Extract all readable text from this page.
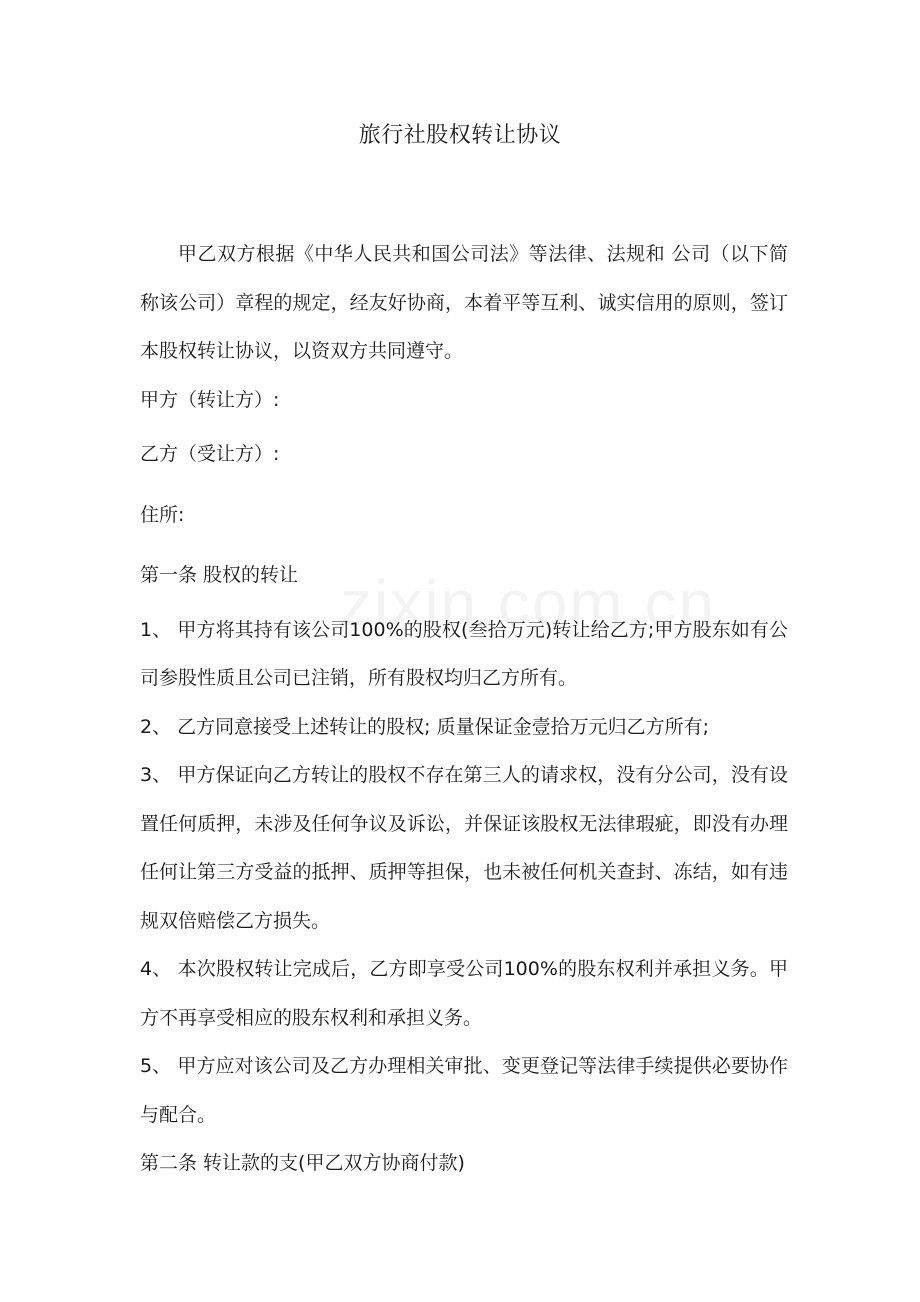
旅行社股权转让协议

甲乙双方根据《中华人民共和国公司法》等法律、法规和 公司（以下简称该公司）章程的规定，经友好协商，本着平等互利、诚实信用的原则，签订本股权转让协议，以资双方共同遵守。

甲方（转让方）:

乙方（受让方）:

住所:

第一条 股权的转让

1、 甲方将其持有该公司100%的股权(叁拾万元)转让给乙方;甲方股东如有公司参股性质且公司已注销，所有股权均归乙方所有。

2、 乙方同意接受上述转让的股权; 质量保证金壹拾万元归乙方所有;

3、 甲方保证向乙方转让的股权不存在第三人的请求权，没有分公司，没有设置任何质押，未涉及任何争议及诉讼，并保证该股权无法律瑕疵，即没有办理任何让第三方受益的抵押、质押等担保，也未被任何机关查封、冻结，如有违规双倍赔偿乙方损失。

4、 本次股权转让完成后，乙方即享受公司100%的股东权利并承担义务。甲方不再享受相应的股东权利和承担义务。

5、 甲方应对该公司及乙方办理相关审批、变更登记等法律手续提供必要协作与配合。

第二条 转让款的支(甲乙双方协商付款)
